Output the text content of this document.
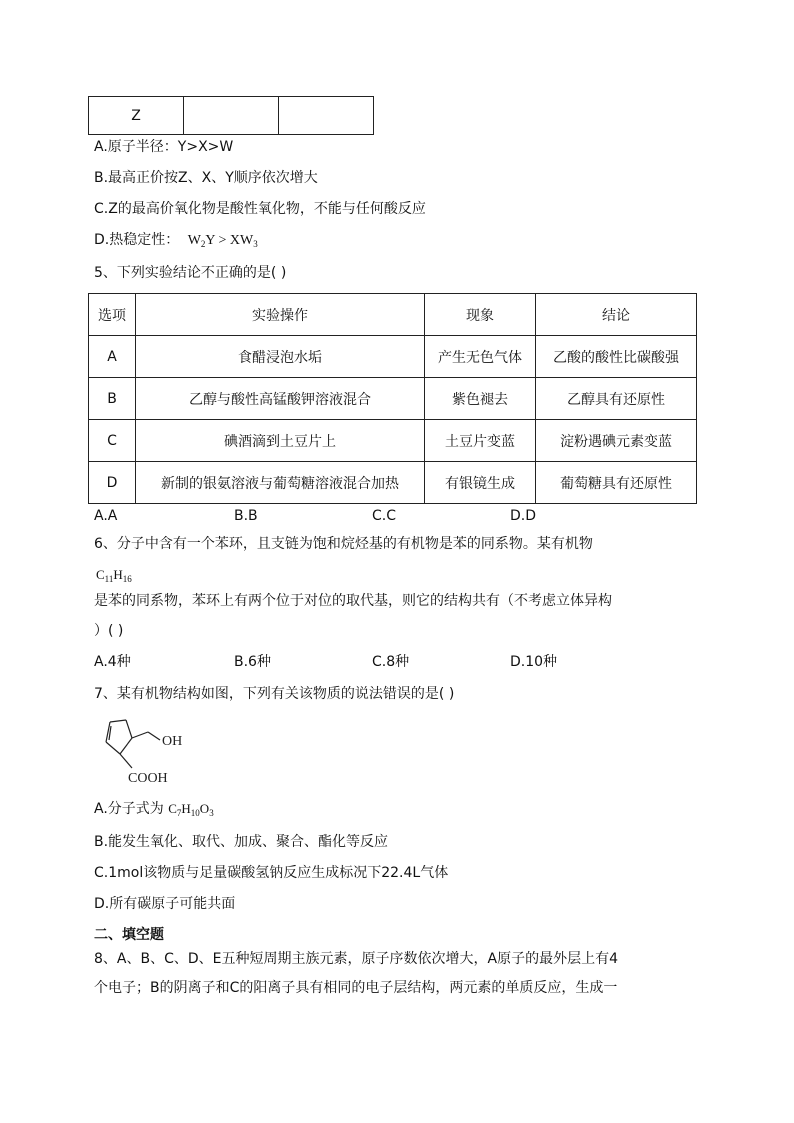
Z		
A.原子半径：Y>X>W
B.最高正价按Z、X、Y顺序依次增大
C.Z的最高价氧化物是酸性氧化物，不能与任何酸反应
D.热稳定性： $W_2Y > XW_3$
5、下列实验结论不正确的是( )
选项	实验操作	现象	结论
A	食醋浸泡水垢	产生无色气体	乙酸的酸性比碳酸强
B	乙醇与酸性高锰酸钾溶液混合	紫色褪去	乙醇具有还原性
C	碘酒滴到土豆片上	土豆片变蓝	淀粉遇碘元素变蓝
D	新制的银氨溶液与葡萄糖溶液混合加热	有银镜生成	葡萄糖具有还原性
A.A	B.B	C.C	D.D
6、分子中含有一个苯环，且支链为饱和烷烃基的有机物是苯的同系物。某有机物
$C_{11}H_{16}$
是苯的同系物，苯环上有两个位于对位的取代基，则它的结构共有（不考虑立体异构
）( )
A.4种	B.6种	C.8种	D.10种
7、某有机物结构如图，下列有关该物质的说法错误的是( )
OH
COOH
A.分子式为 $C_7H_{10}O_3$
B.能发生氧化、取代、加成、聚合、酯化等反应
C.1mol该物质与足量碳酸氢钠反应生成标况下22.4L气体
D.所有碳原子可能共面
二、填空题
8、A、B、C、D、E五种短周期主族元素，原子序数依次增大，A原子的最外层上有4
个电子；B的阴离子和C的阳离子具有相同的电子层结构，两元素的单质反应，生成一
